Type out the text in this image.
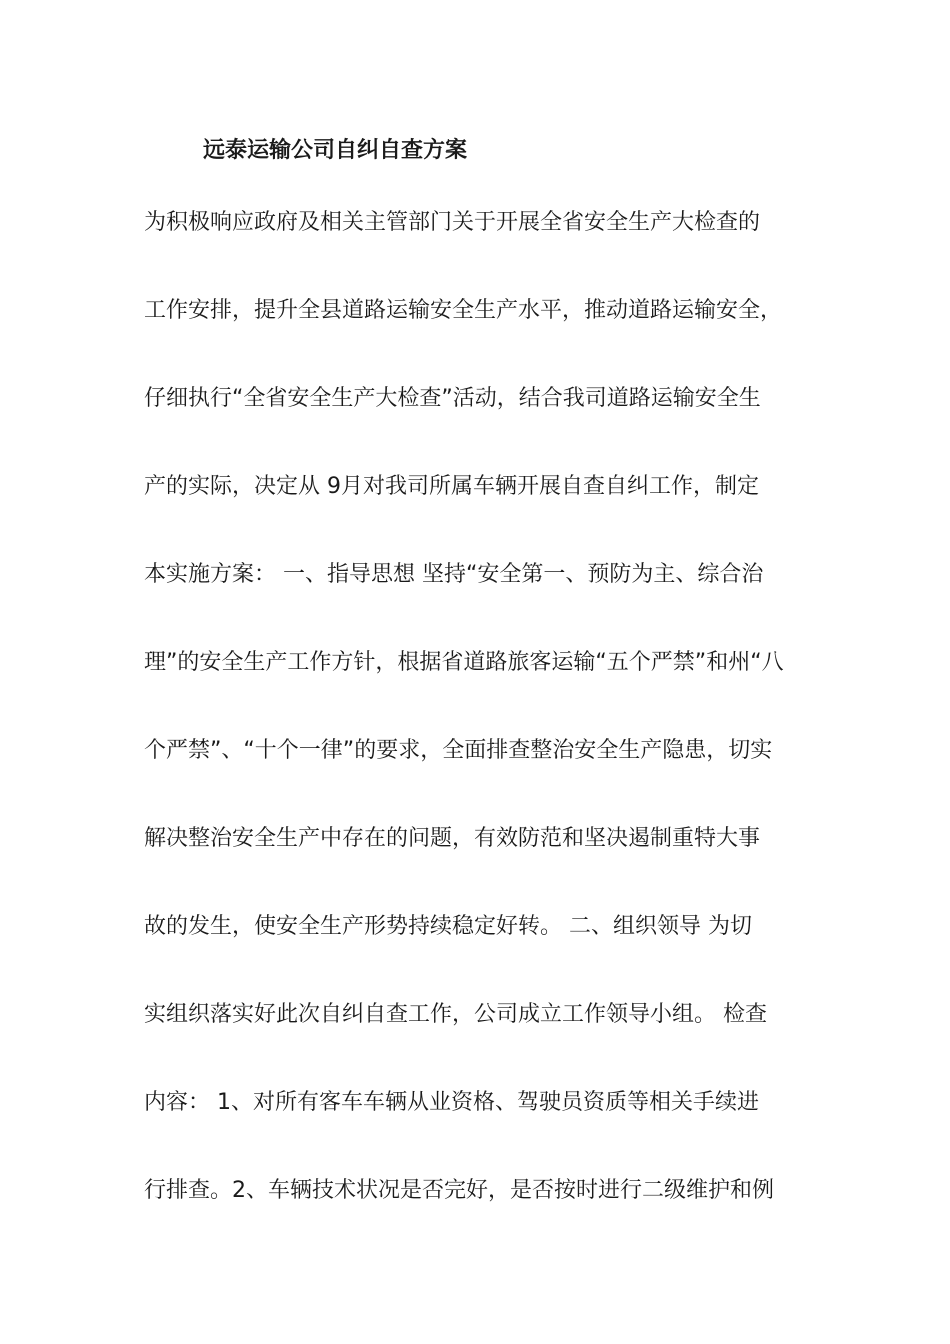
远泰运输公司自纠自查方案
为积极响应政府及相关主管部门关于开展全省安全生产大检查的
工作安排，提升全县道路运输安全生产水平，推动道路运输安全，
仔细执行“全省安全生产大检查”活动，结合我司道路运输安全生
产的实际，决定从 9月对我司所属车辆开展自查自纠工作，制定
本实施方案： 一、指导思想 坚持“安全第一、预防为主、综合治
理”的安全生产工作方针，根据省道路旅客运输“五个严禁”和州“八
个严禁”、“十个一律”的要求，全面排查整治安全生产隐患，切实
解决整治安全生产中存在的问题，有效防范和坚决遏制重特大事
故的发生，使安全生产形势持续稳定好转。 二、组织领导 为切
实组织落实好此次自纠自查工作，公司成立工作领导小组。 检查
内容： 1、对所有客车车辆从业资格、驾驶员资质等相关手续进
行排查。2、车辆技术状况是否完好，是否按时进行二级维护和例
